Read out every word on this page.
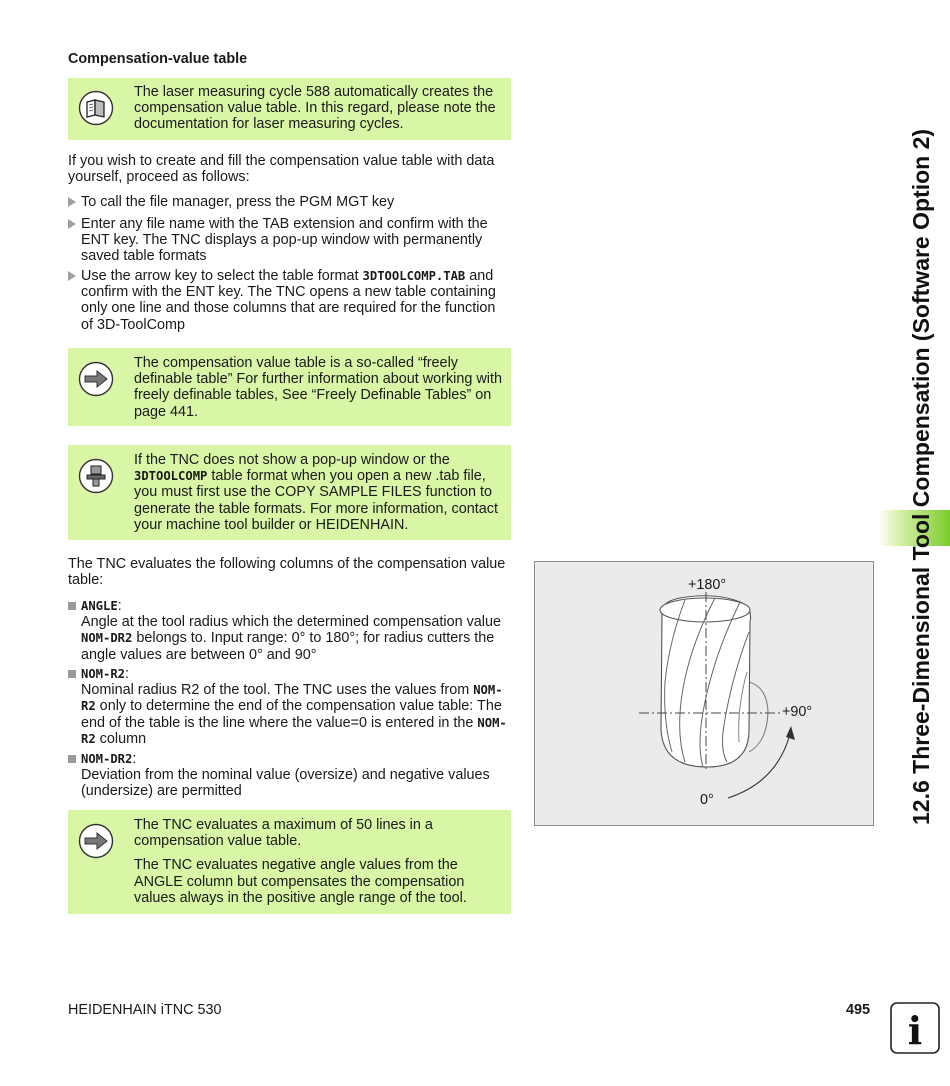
Compensation-value table
The laser measuring cycle 588 automatically creates the compensation value table. In this regard, please note the documentation for laser measuring cycles.
If you wish to create and fill the compensation value table with data yourself, proceed as follows:
To call the file manager, press the PGM MGT key
Enter any file name with the TAB extension and confirm with the ENT key. The TNC displays a pop-up window with permanently saved table formats
Use the arrow key to select the table format 3DTOOLCOMP.TAB and confirm with the ENT key. The TNC opens a new table containing only one line and those columns that are required for the function of 3D-ToolComp
The compensation value table is a so-called “freely definable table” For further information about working with freely definable tables, See “Freely Definable Tables” on page 441.
If the TNC does not show a pop-up window or the 3DTOOLCOMP table format when you open a new .tab file, you must first use the COPY SAMPLE FILES function to generate the table formats. For more information, contact your machine tool builder or HEIDENHAIN.
The TNC evaluates the following columns of the compensation value table:
ANGLE:
Angle at the tool radius which the determined compensation value NOM-DR2 belongs to. Input range: 0° to 180°; for radius cutters the angle values are between 0° and 90°
NOM-R2:
Nominal radius R2 of the tool. The TNC uses the values from NOM-R2 only to determine the end of the compensation value table: The end of the table is the line where the value=0 is entered in the NOM-R2 column
NOM-DR2:
Deviation from the nominal value (oversize) and negative values (undersize) are permitted

The TNC evaluates a maximum of 50 lines in a compensation value table.

The TNC evaluates negative angle values from the ANGLE column but compensates the compensation values always in the positive angle range of the tool.

+180°
+90°
0°	12.6 Three-Dimensional Tool Compensation (Software Option 2)
HEIDENHAIN iTNC 530	495 i
